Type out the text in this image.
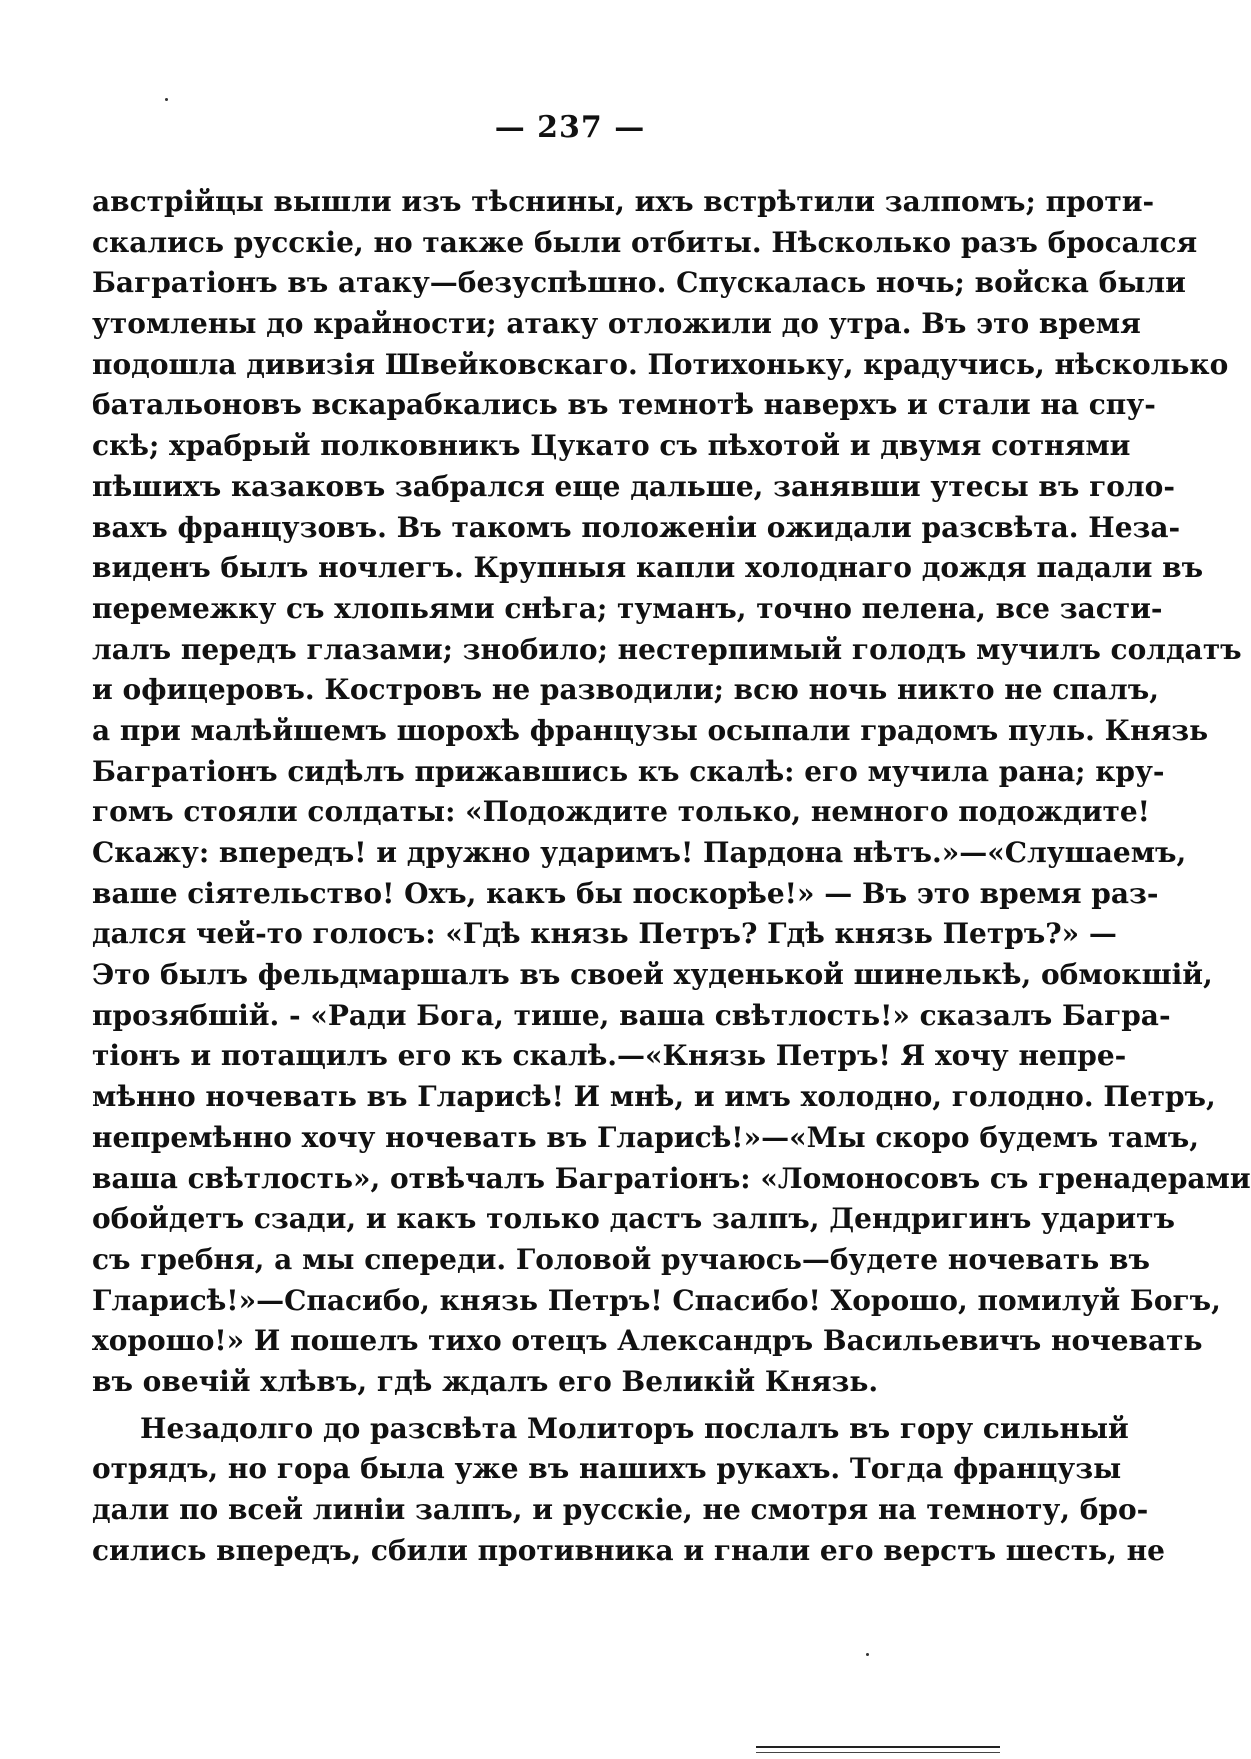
— 237 —
австрійцы вышли изъ тѣснины, ихъ встрѣтили залпомъ; проти-
скались русскіе, но также были отбиты. Нѣсколько разъ бросался
Багратіонъ въ атаку—безуспѣшно. Спускалась ночь; войска были
утомлены до крайности; атаку отложили до утра. Въ это время
подошла дивизія Швейковскаго. Потихоньку, крадучись, нѣсколько
батальоновъ вскарабкались въ темнотѣ наверхъ и стали на спу-
скѣ; храбрый полковникъ Цукато съ пѣхотой и двумя сотнями
пѣшихъ казаковъ забрался еще дальше, занявши утесы въ голо-
вахъ французовъ. Въ такомъ положеніи ожидали разсвѣта. Неза-
виденъ былъ ночлегъ. Крупныя капли холоднаго дождя падали въ
перемежку съ хлопьями снѣга; туманъ, точно пелена, все засти-
лалъ передъ глазами; знобило; нестерпимый голодъ мучилъ солдатъ
и офицеровъ. Костровъ не разводили; всю ночь никто не спалъ,
а при малѣйшемъ шорохѣ французы осыпали градомъ пуль. Князь
Багратіонъ сидѣлъ прижавшись къ скалѣ: его мучила рана; кру-
гомъ стояли солдаты: «Подождите только, немного подождите!
Скажу: впередъ! и дружно ударимъ! Пардона нѣтъ.»—«Слушаемъ,
ваше сіятельство! Охъ, какъ бы поскорѣе!» — Въ это время раз-
дался чей-то голосъ: «Гдѣ князь Петръ? Гдѣ князь Петръ?» —
Это былъ фельдмаршалъ въ своей худенькой шинелькѣ, обмокшій,
прозябшій. - «Ради Бога, тише, ваша свѣтлость!» сказалъ Багра-
тіонъ и потащилъ его къ скалѣ.—«Князь Петръ! Я хочу непре-
мѣнно ночевать въ Гларисѣ! И мнѣ, и имъ холодно, голодно. Петръ,
непремѣнно хочу ночевать въ Гларисѣ!»—«Мы скоро будемъ тамъ,
ваша свѣтлость», отвѣчалъ Багратіонъ: «Ломоносовъ съ гренадерами
обойдетъ сзади, и какъ только дастъ залпъ, Дендригинъ ударитъ
съ гребня, а мы спереди. Головой ручаюсь—будете ночевать въ
Гларисѣ!»—Спасибо, князь Петръ! Спасибо! Хорошо, помилуй Богъ,
хорошо!» И пошелъ тихо отецъ Александръ Васильевичъ ночевать
въ овечій хлѣвъ, гдѣ ждалъ его Великій Князь.
Незадолго до разсвѣта Молиторъ послалъ въ гору сильный
отрядъ, но гора была уже въ нашихъ рукахъ. Тогда французы
дали по всей линіи залпъ, и русскіе, не смотря на темноту, бро-
сились впередъ, сбили противника и гнали его верстъ шесть, не
